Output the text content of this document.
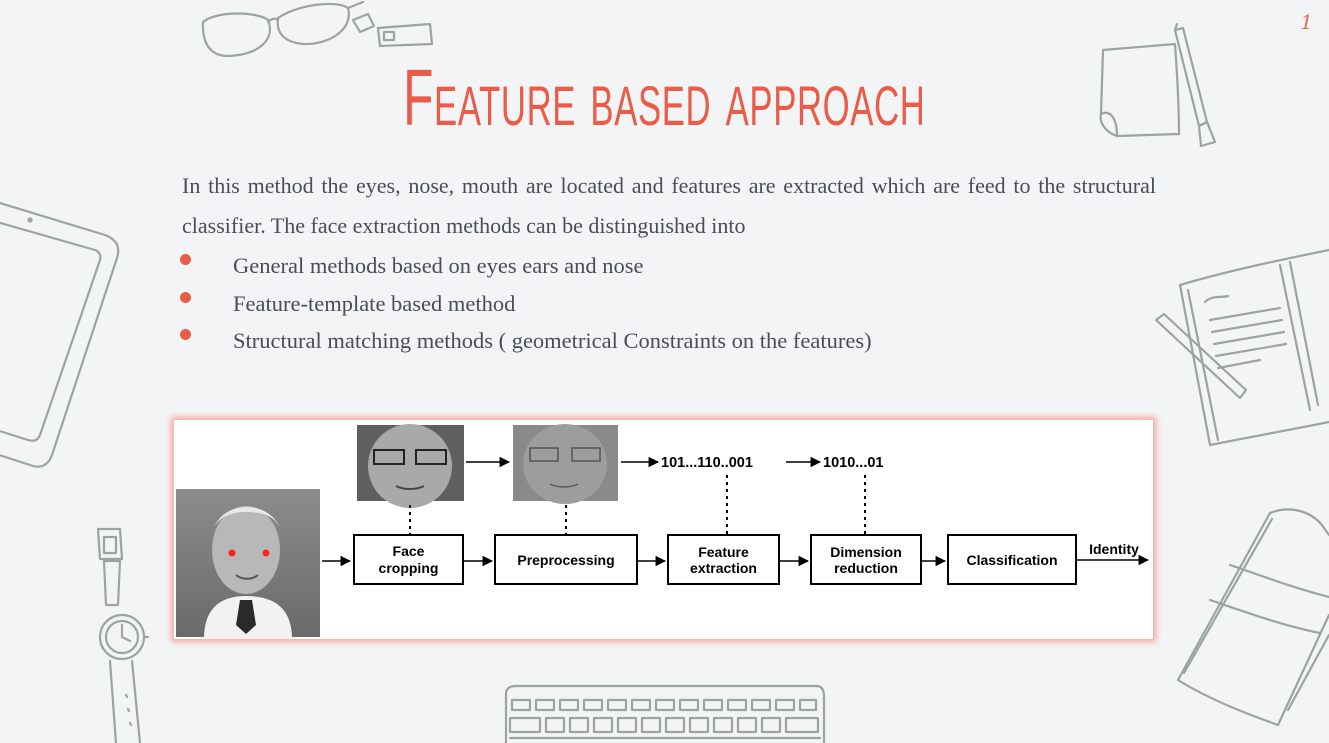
1
Feature based approach
In this method the eyes, nose, mouth are located and features are extracted which are feed to the structural classifier. The face extraction methods can be distinguished into
General methods based on eyes ears and nose
Feature-template based method
Structural matching methods ( geometrical Constraints on the features)
101...110..001	1010...01
Face
cropping	Preprocessing	Feature
extraction
Dimension
reduction	Classification
Identity
